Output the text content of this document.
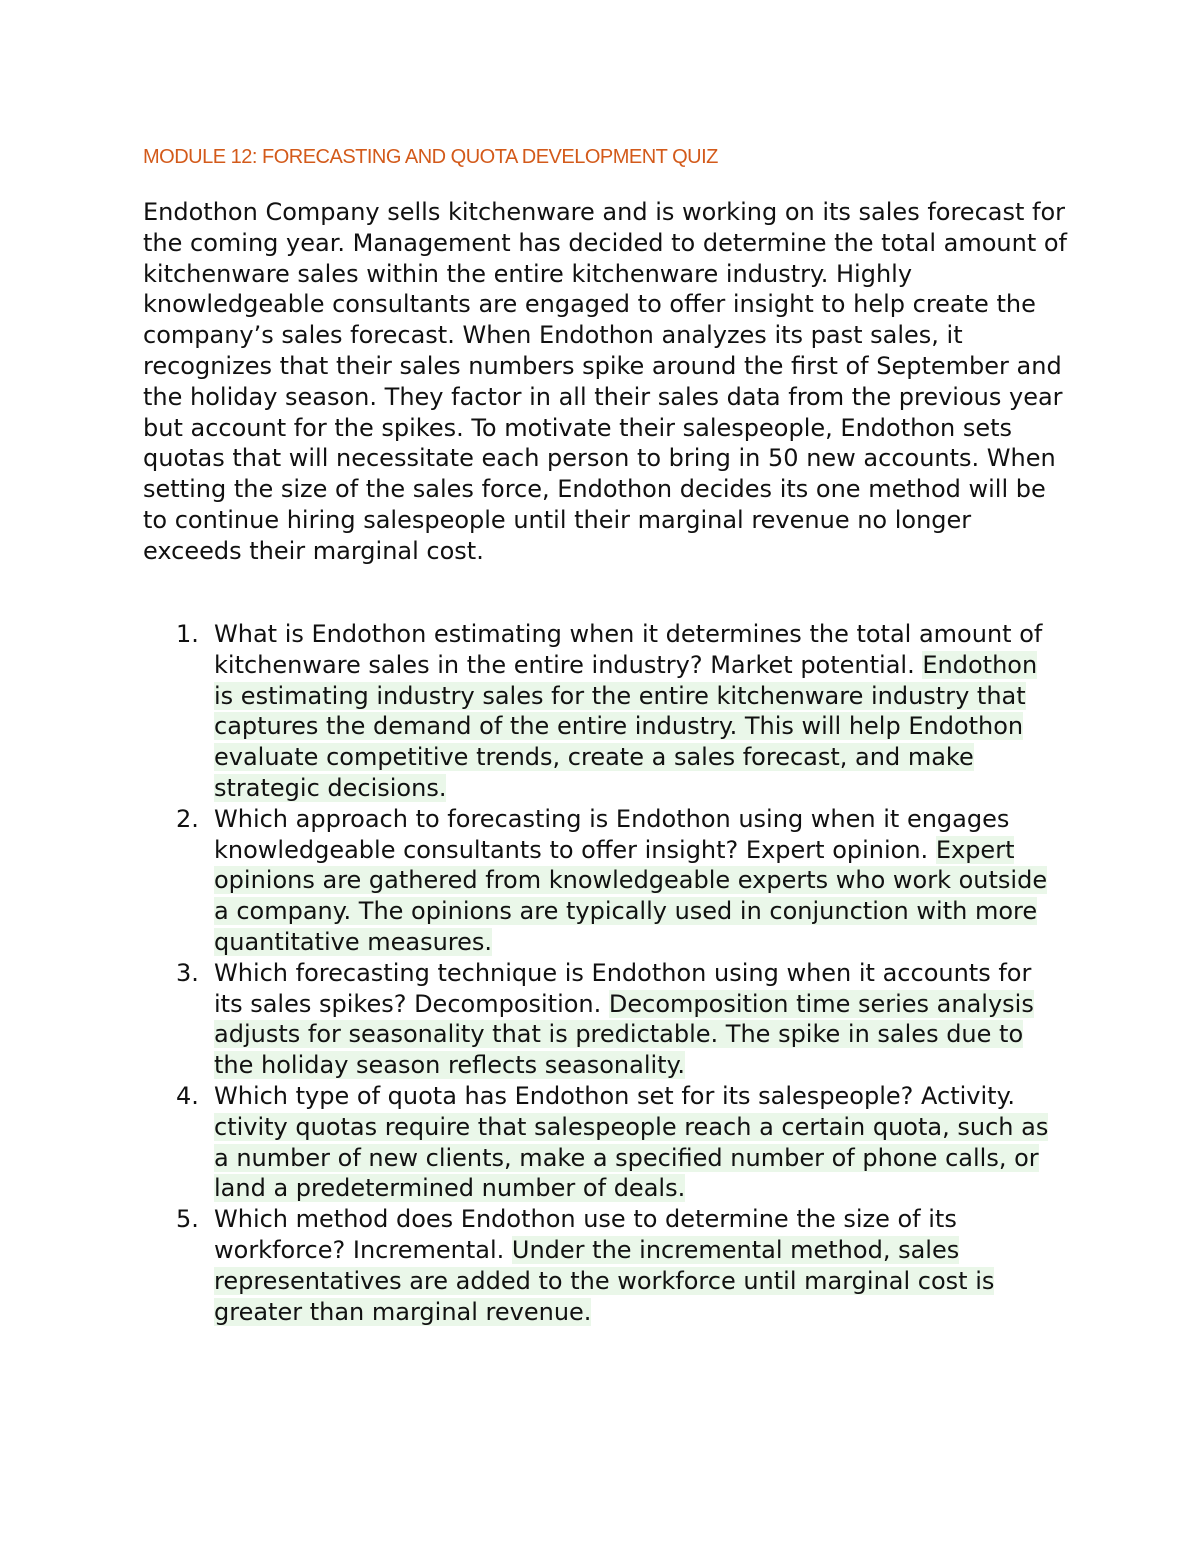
MODULE 12: FORECASTING AND QUOTA DEVELOPMENT QUIZ

Endothon Company sells kitchenware and is working on its sales forecast for the coming year. Management has decided to determine the total amount of kitchenware sales within the entire kitchenware industry. Highly knowledgeable consultants are engaged to offer insight to help create the company’s sales forecast. When Endothon analyzes its past sales, it recognizes that their sales numbers spike around the first of September and the holiday season. They factor in all their sales data from the previous year but account for the spikes. To motivate their salespeople, Endothon sets quotas that will necessitate each person to bring in 50 new accounts. When setting the size of the sales force, Endothon decides its one method will be to continue hiring salespeople until their marginal revenue no longer exceeds their marginal cost.

1. What is Endothon estimating when it determines the total amount of kitchenware sales in the entire industry? Market potential. Endothon is estimating industry sales for the entire kitchenware industry that captures the demand of the entire industry. This will help Endothon evaluate competitive trends, create a sales forecast, and make strategic decisions.
2. Which approach to forecasting is Endothon using when it engages knowledgeable consultants to offer insight? Expert opinion. Expert opinions are gathered from knowledgeable experts who work outside a company. The opinions are typically used in conjunction with more quantitative measures.
3. Which forecasting technique is Endothon using when it accounts for its sales spikes? Decomposition. Decomposition time series analysis adjusts for seasonality that is predictable. The spike in sales due to the holiday season reflects seasonality.
4. Which type of quota has Endothon set for its salespeople? Activity. ctivity quotas require that salespeople reach a certain quota, such as a number of new clients, make a specified number of phone calls, or land a predetermined number of deals.
5. Which method does Endothon use to determine the size of its workforce? Incremental. Under the incremental method, sales representatives are added to the workforce until marginal cost is greater than marginal revenue.
